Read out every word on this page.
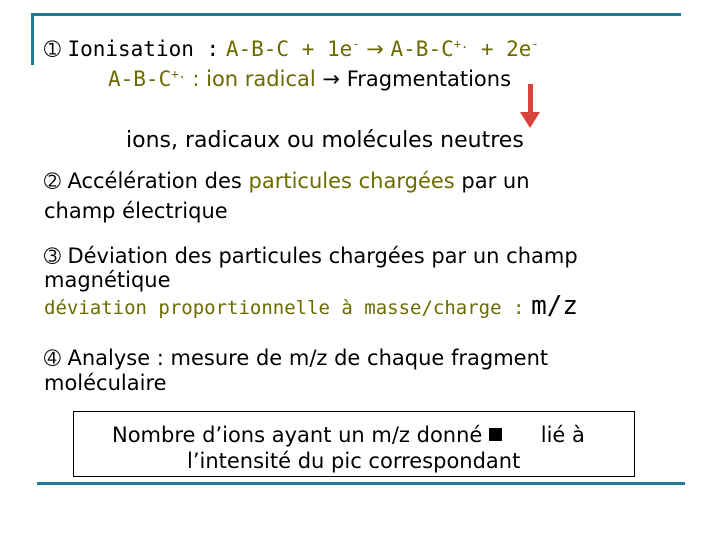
➀ Ionisation : A-B-C + 1e- → A-B-C+. + 2e-
A-B-C+. : ion radical → Fragmentations
ions, radicaux ou molécules neutres
➁ Accélération des particules chargées par un
champ électrique
➂ Déviation des particules chargées par un champ
magnétique
déviation proportionnelle à masse/charge : m/z
➃ Analyse : mesure de m/z de chaque fragment
moléculaire
Nombre d’ions ayant un m/z donné	lié à
l’intensité du pic correspondant
